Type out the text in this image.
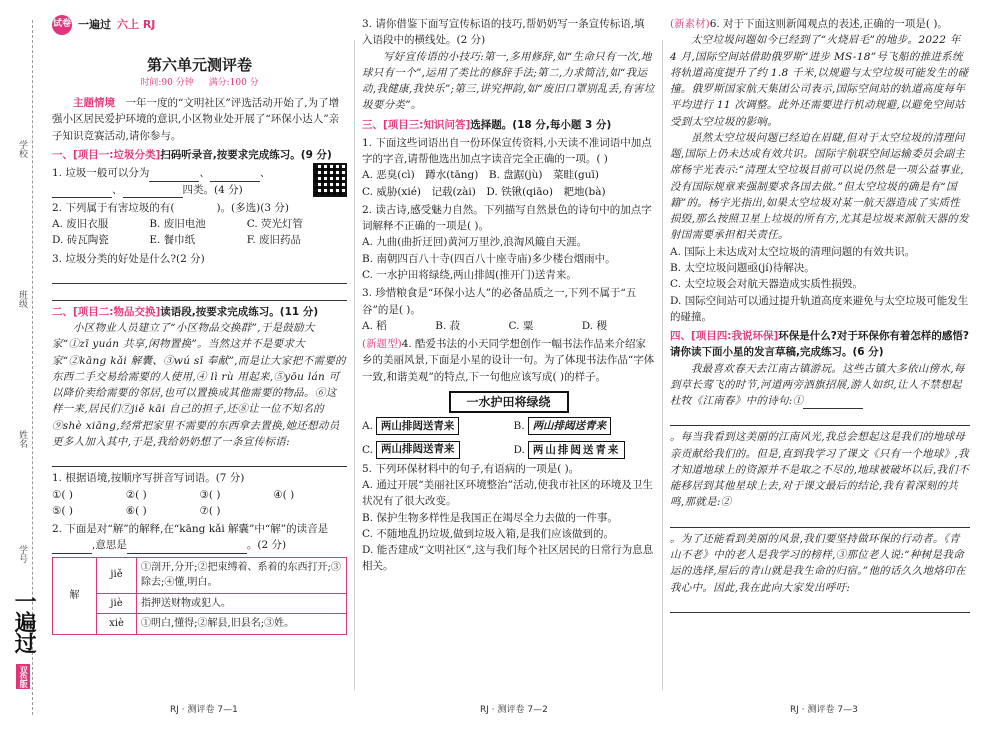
学校
班级
姓名
学号
一遍过 双色版
试卷 一遍过 六上 RJ
第六单元测评卷
时间:90 分钟 满分:100 分

主题情境　 一年一度的“文明社区”评选活动开始了,为了增强小区居民爱护环境的意识,小区物业处开展了“环保小达人”亲子知识竞赛活动,请你参与。

一、[项目一:垃圾分类]扫码听录音,按要求完成练习。(9 分)

1. 垃圾一般可以分为	、	、
、	四类。(4 分)

2. 下列属于有害垃圾的有(　　　　	)。(多选)(3 分)

A. 废旧衣服	B. 废旧电池	C. 荧光灯管
D. 砖瓦陶瓷	E. 餐巾纸	F. 废旧药品

3. 垃圾分类的好处是什么?(2 分)

二、[项目二:物品交换]读语段,按要求完成练习。(11 分)

小区物业人员建立了“小区物品交换群”,于是鼓励大家“①zī yuán 共享,闲物置换”。当然这并不是要求大家“②kāng kǎi 解囊、③wú sī 奉献”,而是让大家把不需要的东西二手交易给需要的人使用,④ lì rù 用起来,⑤yōu lán 可以降价卖给需要的邻居,也可以置换成其他需要的物品。⑥这样一来,居民们⑦jiě kāi 自己的担子,还⑧让一位不知名的⑨shè xiāng,经常把家里不需要的东西拿去置换,她还想动员更多人加入其中,于是,我给奶奶想了一条宣传标语:

1. 根据语境,按顺序写拼音写词语。(7 分)

①( )	②( )	③( )	④( )
⑤( )	⑥( )	⑦( )

2. 下面是对“解”的解释,在“kāng kǎi 解囊”中“解”的读音是,意思是	。(2 分)

解	jiě	①剖开,分开;②把束缚着、系着的东西打开;③除去;④懂,明白。
	jiè	指押送财物或犯人。
	xiè	①明白,懂得;②解县,旧县名;③姓。
RJ · 测评卷 7—1

3. 请你借鉴下面写宣传标语的技巧,帮奶奶写一条宣传标语,填入语段中的横线处。(2 分)

写好宣传语的小技巧:第一,多用修辞,如“生命只有一次,地球只有一个”,运用了类比的修辞手法;第二,力求简洁,如“我运动,我健康,我快乐”;第三,讲究押韵,如“废旧口罩别乱丢,有害垃圾要分类”。

三、[项目三:知识问答]选择题。(18 分,每小题 3 分)

1. 下面这些词语出自一份环保宣传资料,小天读不准词语中加点字的字音,请帮他选出加点字读音完全正确的一项。( )

A. 恶臭(cì)　蹲水(tāng)　B. 盘踞(jù)　菜畦(guī)

C. 威胁(xié)　记载(zài)　D. 铁锹(qiāo)　耙地(bà)

2. 读古诗,感受魅力自然。下列描写自然景色的诗句中的加点字词解释不正确的一项是( )。

A. 九曲(曲折迂回)黄河万里沙,浪淘风簸自天涯。

B. 南朝四百八十寺(四百八十座寺庙)多少楼台烟雨中。

C. 一水护田将绿绕,两山排闼(推开门)送青来。

3. 珍惜粮食是“环保小达人”的必备品质之一,下列不属于“五谷”的是( )。

A. 稻	B. 菽	C. 粟	D. 稷

(新题型)4. 酷爱书法的小天同学想创作一幅书法作品来介绍家乡的美丽风景,下面是小星的设计一句。为了体现书法作品“字体一致,和谐美观”的特点,下一句他应该写成( )的样子。

一水护田将绿绕
A. 两山排闼送青来	B. 两山排闼送青来
C. 两山排闼送青来	D. 两山排闼送青来

5. 下列环保材料中的句子,有语病的一项是( )。

A. 通过开展“美丽社区环境整治”活动,使我市社区的环境及卫生状况有了很大改变。

B. 保护生物多样性是我国正在竭尽全力去做的一件事。

C. 不随地乱扔垃圾,做到垃圾入箱,是我们应该做到的。

D. 能否建成“文明社区”,这与我们每个社区居民的日常行为息息相关。

RJ · 测评卷 7—2

(新素材)6. 对于下面这则新闻观点的表述,正确的一项是( )。

太空垃圾问题如今已经到了“火烧眉毛”的地步。2022 年 4 月,国际空间站借助俄罗斯“进步 MS-18”号飞船的推进系统将轨道高度提升了约 1.8 千米,以规避与太空垃圾可能发生的碰撞。俄罗斯国家航天集团公司表示,国际空间站的轨道高度每年平均进行 11 次调整。此外还需要进行机动规避,以避免空间站受到太空垃圾的影响。

虽然太空垃圾问题已经迫在眉睫,但对于太空垃圾的清理问题,国际上仍未达成有效共识。国际宇航联空间运输委员会副主席杨宇光表示:“清理太空垃圾目前可以说仍然是一项公益事业,没有国际规章来强制要求各国去做。”但太空垃圾的确是有“国籍”的。杨宇光指出,如果太空垃圾对某一航天器造成了实质性损毁,那么按照卫星上垃圾的所有方,尤其是垃圾来源航天器的发射国需要承担相关责任。

A. 国际上未达成对太空垃圾的清理问题的有效共识。

B. 太空垃圾问题亟(jí)待解决。

C. 太空垃圾会对航天器造成实质性损毁。

D. 国际空间站可以通过提升轨道高度来避免与太空垃圾可能发生的碰撞。

四、[项目四:我说环保]环保是什么?对于环保你有着怎样的感悟?请你读下面小星的发言草稿,完成练习。(6 分)

我最喜欢春天去江南古镇游玩。这些古镇大多依山傍水,每到草长莺飞的时节,河道两旁酒旗招展,游人如织,让人不禁想起杜牧《江南春》中的诗句:①

。每当我看到这美丽的江南风光,我总会想起这是我们的地球母亲贡献给我们的。但是,直到我学习了课文《只有一个地球》,我才知道地球上的资源并不是取之不尽的,地球被破坏以后,我们不能移居到其他星球上去,对于课文最后的结论,我有着深刻的共鸣,那就是:②

。为了还能看到美丽的风景,我们要坚持做环保的行动者。《青山不老》中的老人是我学习的榜样,③那位老人说:“种树是我命运的选择,屋后的青山就是我生命的归宿。”他的话久久地烙印在我心中。因此,我在此向大家发出呼吁:

RJ · 测评卷 7—3
